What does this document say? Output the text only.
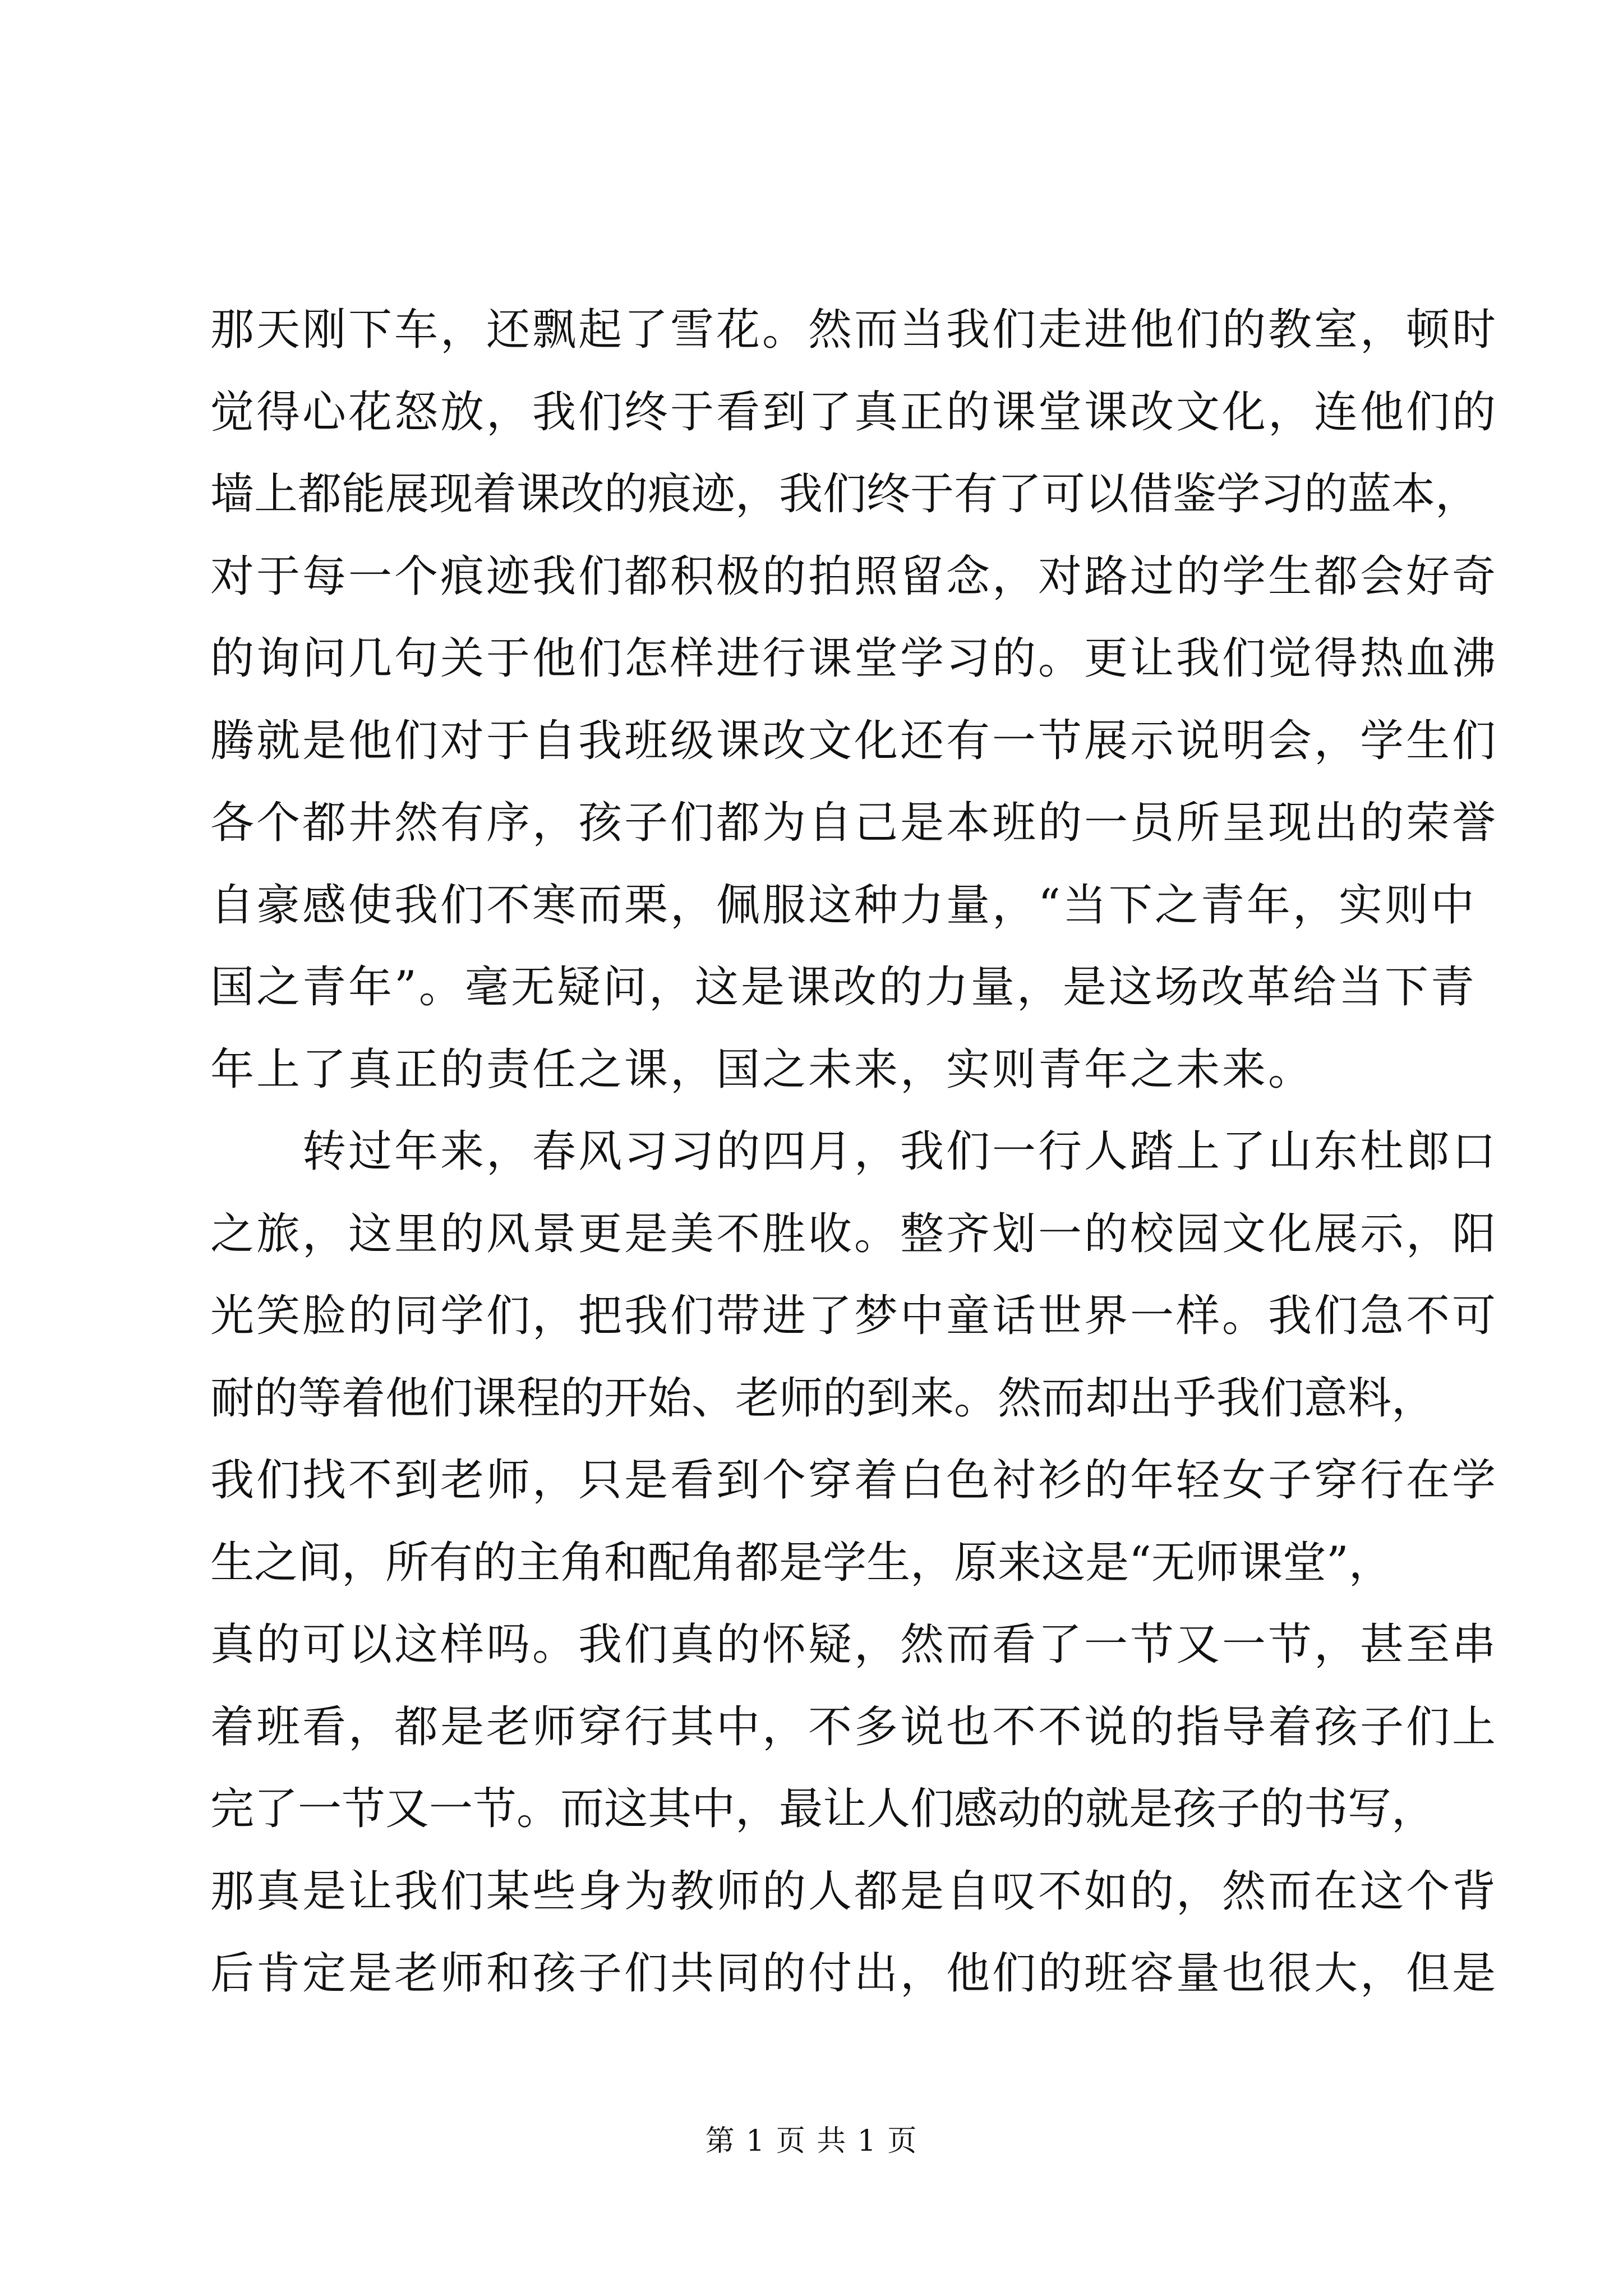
那天刚下车，还飘起了雪花。然而当我们走进他们的教室，顿时
觉得心花怒放，我们终于看到了真正的课堂课改文化，连他们的
墙上都能展现着课改的痕迹，我们终于有了可以借鉴学习的蓝本，
对于每一个痕迹我们都积极的拍照留念，对路过的学生都会好奇
的询问几句关于他们怎样进行课堂学习的。更让我们觉得热血沸
腾就是他们对于自我班级课改文化还有一节展示说明会，学生们
各个都井然有序，孩子们都为自己是本班的一员所呈现出的荣誉
自豪感使我们不寒而栗，佩服这种力量，“当下之青年，实则中
国之青年”。毫无疑问，这是课改的力量，是这场改革给当下青
年上了真正的责任之课，国之未来，实则青年之未来。
　　转过年来，春风习习的四月，我们一行人踏上了山东杜郎口
之旅，这里的风景更是美不胜收。整齐划一的校园文化展示，阳
光笑脸的同学们，把我们带进了梦中童话世界一样。我们急不可
耐的等着他们课程的开始、老师的到来。然而却出乎我们意料，
我们找不到老师，只是看到个穿着白色衬衫的年轻女子穿行在学
生之间，所有的主角和配角都是学生，原来这是“无师课堂”，
真的可以这样吗。我们真的怀疑，然而看了一节又一节，甚至串
着班看，都是老师穿行其中，不多说也不不说的指导着孩子们上
完了一节又一节。而这其中，最让人们感动的就是孩子的书写，
那真是让我们某些身为教师的人都是自叹不如的，然而在这个背
后肯定是老师和孩子们共同的付出，他们的班容量也很大，但是
第 1 页 共 1 页
